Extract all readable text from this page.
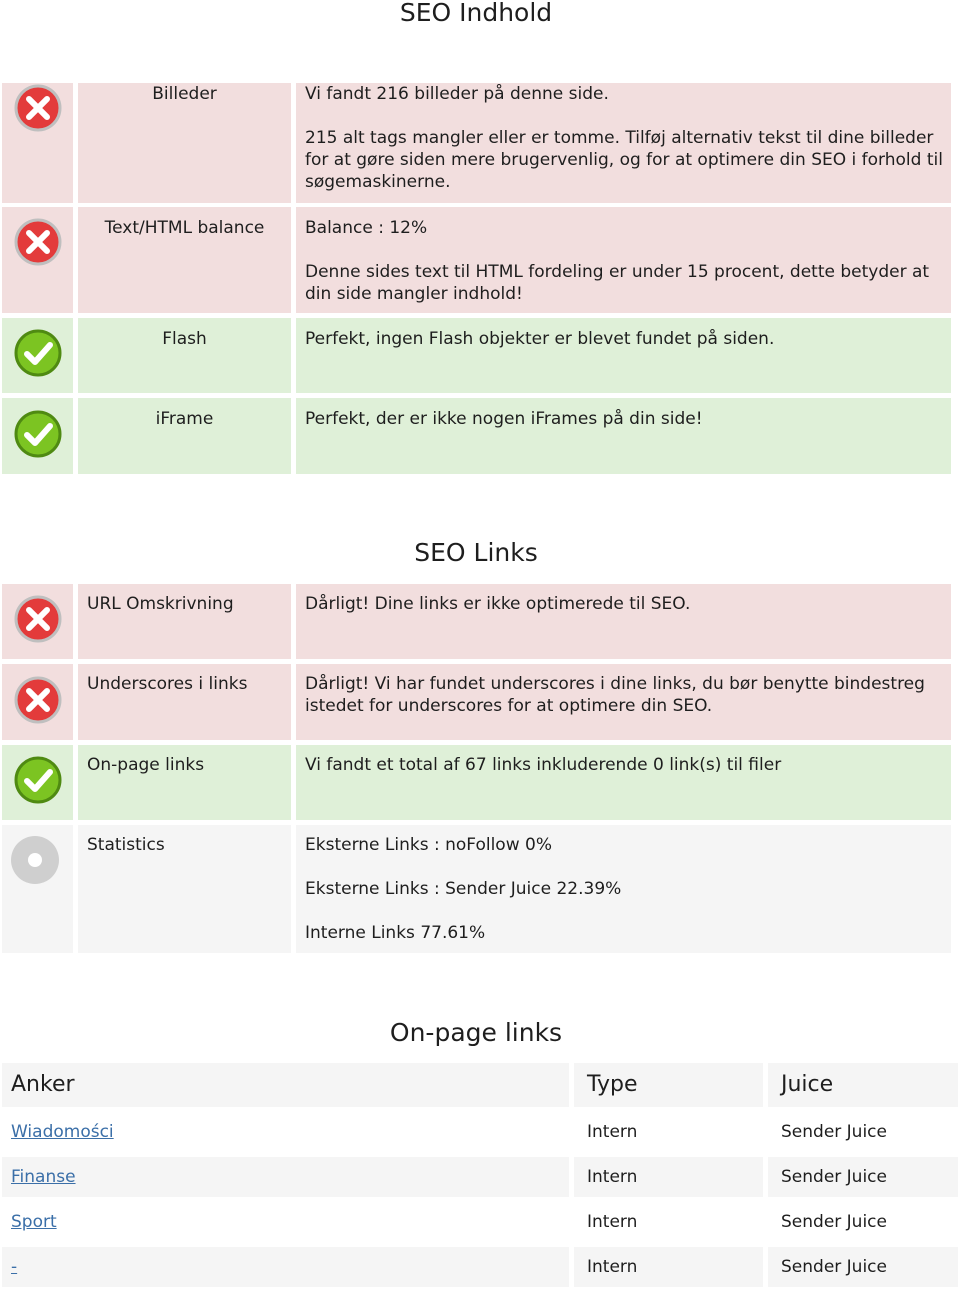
SEO Indhold
Billeder	Vi fandt 216 billeder på denne side.

215 alt tags mangler eller er tomme. Tilføj alternativ tekst til dine billeder for at gøre siden mere brugervenlig, og for at optimere din SEO i forhold til søgemaskinerne.

Text/HTML balance	Balance : 12%

Denne sides text til HTML fordeling er under 15 procent, dette betyder at din side mangler indhold!

Flash	Perfekt, ingen Flash objekter er blevet fundet på siden.

iFrame	Perfekt, der er ikke nogen iFrames på din side!

SEO Links
URL Omskrivning	Dårligt! Dine links er ikke optimerede til SEO.

Underscores i links	Dårligt! Vi har fundet underscores i dine links, du bør benytte bindestreg istedet for underscores for at optimere din SEO.

On-page links	Vi fandt et total af 67 links inkluderende 0 link(s) til filer

Statistics	Eksterne Links : noFollow 0%

Eksterne Links : Sender Juice 22.39%

Interne Links 77.61%

On-page links
Anker	Type	Juice
Wiadomości	Intern	Sender Juice
Finanse	Intern	Sender Juice
Sport	Intern	Sender Juice
-	Intern	Sender Juice
